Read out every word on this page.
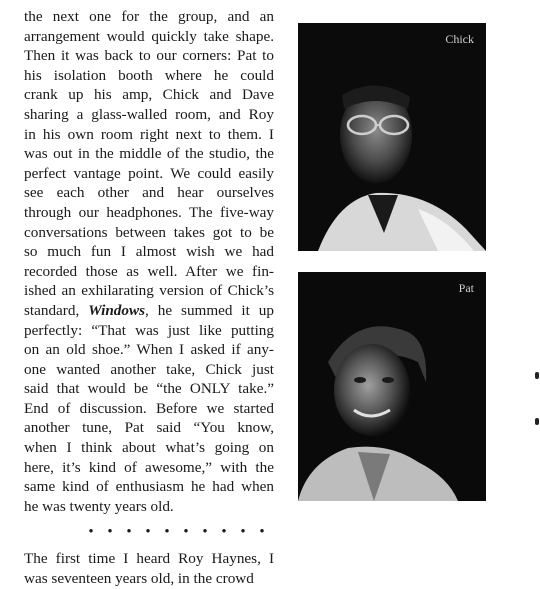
the next one for the group, and an
arrangement would quickly take shape.
Then it was back to our corners: Pat to
his isolation booth where he could
crank up his amp, Chick and Dave
sharing a glass-walled room, and Roy
in his own room right next to them. I
was out in the middle of the studio, the
perfect vantage point. We could easily
see each other and hear ourselves
through our headphones. The five-way
conversations between takes got to be
so much fun I almost wish we had
recorded those as well. After we fin-
ished an exhilarating version of Chick’s
standard, Windows, he summed it up
perfectly: “That was just like putting
on an old shoe.” When I asked if any-
one wanted another take, Chick just
said that would be “the ONLY take.”
End of discussion. Before we started
another tune, Pat said “You know,
when I think about what’s going on
here, it’s kind of awesome,” with the
same kind of enthusiasm he had when
he was twenty years old.
• • • • • • • • • •
The first time I heard Roy Haynes, I
was seventeen years old, in the crowd
Chick
Pat
